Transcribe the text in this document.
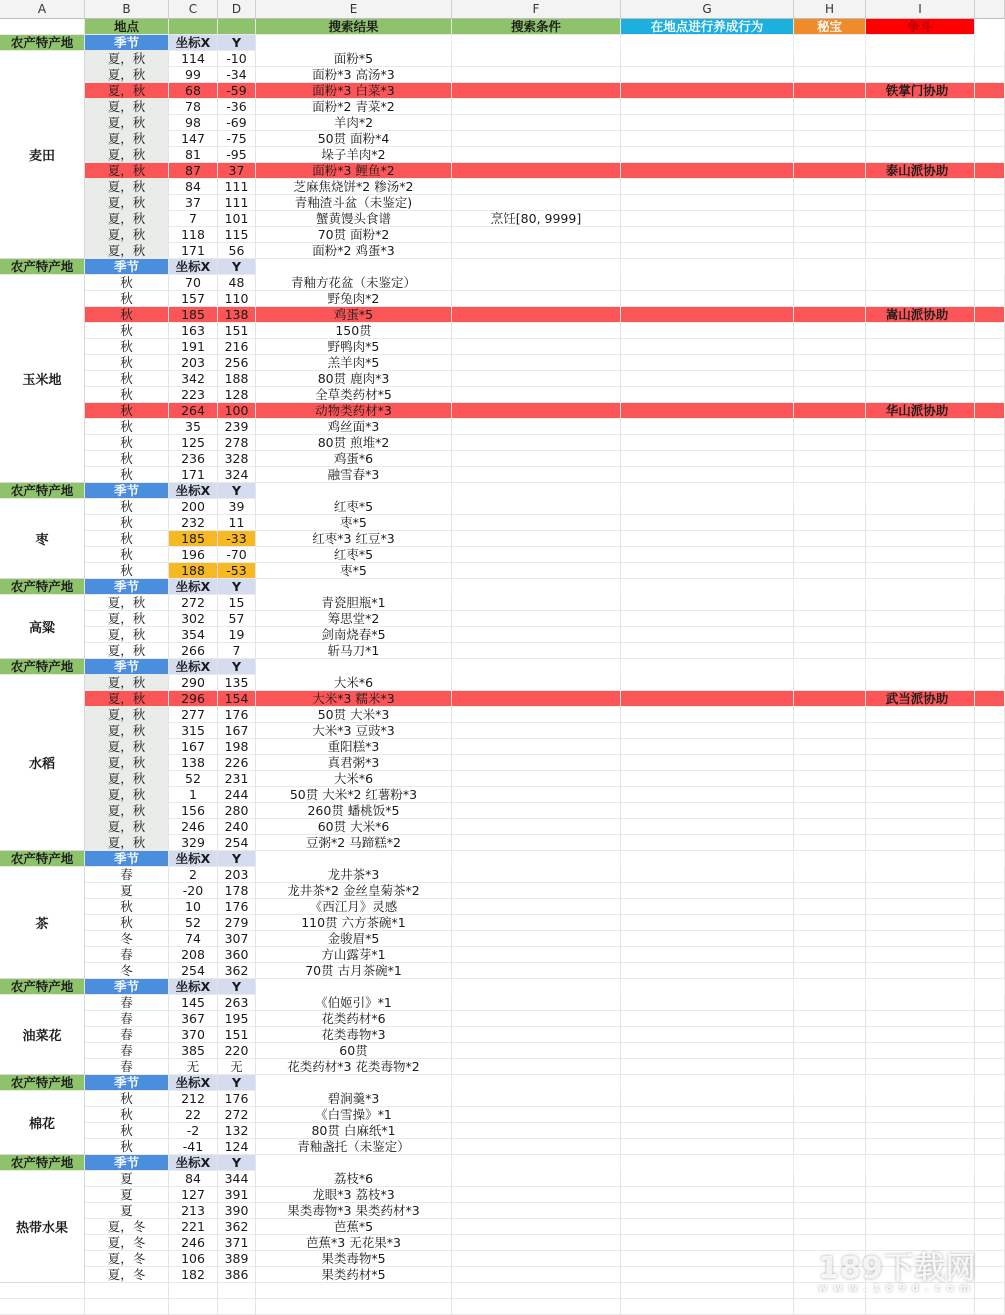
A	B	C	D	E	F	G	H	I
地点	搜索结果	搜索条件	在地点进行养成行为	秘宝	争斗
农产特产地	季节	坐标X	Y
夏，秋	114	-10	面粉*5
夏，秋	99	-34	面粉*3 高汤*3
夏，秋	68	-59	面粉*3 白菜*3	铁掌门协助
夏，秋	78	-36	面粉*2 青菜*2
夏，秋	98	-69	羊肉*2
夏，秋	147	-75	50贯 面粉*4
夏，秋	81	-95	垛子羊肉*2
夏，秋	87	37	面粉*3 鲤鱼*2	泰山派协助
夏，秋	84	111	芝麻焦烧饼*2 糁汤*2
夏，秋	37	111	青釉渣斗盆（未鉴定)
夏，秋	7	101	蟹黄馒头食谱	烹饪[80, 9999]
夏，秋	118	115	70贯 面粉*2
夏，秋	171	56	面粉*2 鸡蛋*3
麦田
农产特产地	季节	坐标X	Y
秋	70	48	青釉方花盆（未鉴定）
秋	157	110	野兔肉*2
秋	185	138	鸡蛋*5	嵩山派协助
秋	163	151	150贯
秋	191	216	野鸭肉*5
秋	203	256	羔羊肉*5
秋	342	188	80贯 鹿肉*3
秋	223	128	全草类药材*5
秋	264	100	动物类药材*3	华山派协助
秋	35	239	鸡丝面*3
秋	125	278	80贯 煎堆*2
秋	236	328	鸡蛋*6
秋	171	324	融雪春*3
玉米地
农产特产地	季节	坐标X	Y
秋	200	39	红枣*5
秋	232	11	枣*5
秋	185	-33	红枣*3 红豆*3
秋	196	-70	红枣*5
秋	188	-53	枣*5
枣
农产特产地	季节	坐标X	Y
夏，秋	272	15	青瓷胆瓶*1
夏，秋	302	57	筹思堂*2
夏，秋	354	19	剑南烧春*5
夏，秋	266	7	斩马刀*1
高粱
农产特产地	季节	坐标X	Y
夏，秋	290	135	大米*6
夏，秋	296	154	大米*3 糯米*3	武当派协助
夏，秋	277	176	50贯 大米*3
夏，秋	315	167	大米*3 豆豉*3
夏，秋	167	198	重阳糕*3
夏，秋	138	226	真君粥*3
夏，秋	52	231	大米*6
夏，秋	1	244	50贯 大米*2 红薯粉*3
夏，秋	156	280	260贯 蟠桃饭*5
夏，秋	246	240	60贯 大米*6
夏，秋	329	254	豆粥*2 马蹄糕*2
水稻
农产特产地	季节	坐标X	Y
春	2	203	龙井茶*3
夏	-20	178	龙井茶*2 金丝皇菊茶*2
秋	10	176	《西江月》灵感
秋	52	279	110贯 六方茶碗*1
冬	74	307	金骏眉*5
春	208	360	方山露芽*1
冬	254	362	70贯 古月茶碗*1
茶
农产特产地	季节	坐标X	Y
春	145	263	《伯姬引》*1
春	367	195	花类药材*6
春	370	151	花类毒物*3
春	385	220	60贯
春	无	无	花类药材*3 花类毒物*2
油菜花
农产特产地	季节	坐标X	Y
秋	212	176	碧涧羹*3
秋	22	272	《白雪操》*1
秋	-2	132	80贯 白麻纸*1
秋	-41	124	青釉盏托（未鉴定）
棉花
农产特产地	季节	坐标X	Y
夏	84	344	荔枝*6
夏	127	391	龙眼*3 荔枝*3
夏	213	390	果类毒物*3 果类药材*3
夏，冬	221	362	芭蕉*5
夏，冬	246	371	芭蕉*3 无花果*3
夏，冬	106	389	果类毒物*5
夏，冬	182	386	果类药材*5
热带水果
189下载网
www.189d.com
